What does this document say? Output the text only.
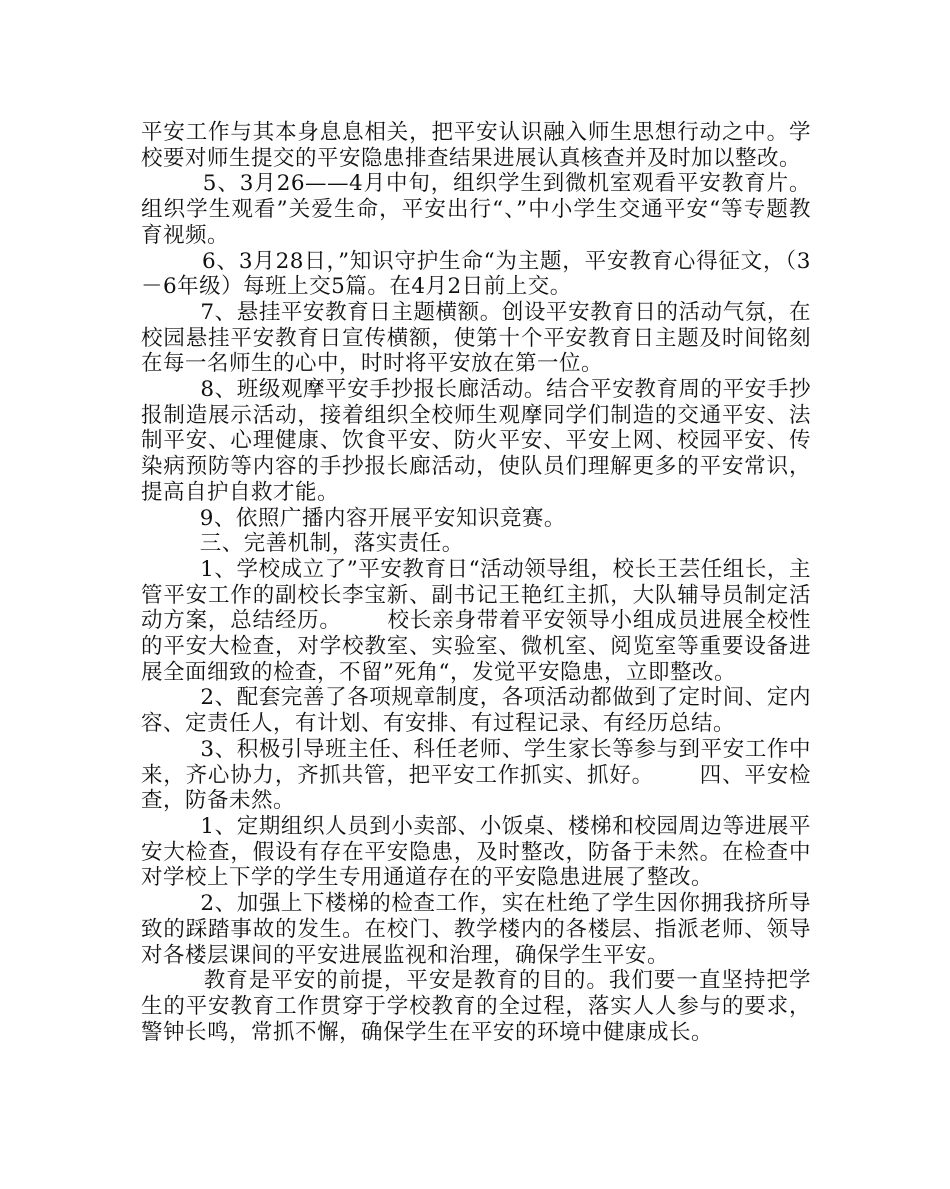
平安工作与其本身息息相关，把平安认识融入师生思想行动之中。学校要对师生提交的平安隐患排查结果进展认真核查并及时加以整改。

5、3月26——4月中旬，组织学生到微机室观看平安教育片。组织学生观看”关爱生命，平安出行“、”中小学生交通平安“等专题教育视频。

6、3月28日，”知识守护生命“为主题，平安教育心得征文，（3－6年级）每班上交5篇。在4月2日前上交。

7、悬挂平安教育日主题横额。创设平安教育日的活动气氛，在校园悬挂平安教育日宣传横额，使第十个平安教育日主题及时间铭刻在每一名师生的心中，时时将平安放在第一位。

8、班级观摩平安手抄报长廊活动。结合平安教育周的平安手抄报制造展示活动，接着组织全校师生观摩同学们制造的交通平安、法制平安、心理健康、饮食平安、防火平安、平安上网、校园平安、传染病预防等内容的手抄报长廊活动，使队员们理解更多的平安常识，提高自护自救才能。

9、依照广播内容开展平安知识竞赛。

三、完善机制，落实责任。

1、学校成立了”平安教育日“活动领导组，校长王芸任组长，主管平安工作的副校长李宝新、副书记王艳红主抓，大队辅导员制定活动方案，总结经历。      校长亲身带着平安领导小组成员进展全校性的平安大检查，对学校教室、实验室、微机室、阅览室等重要设备进展全面细致的检查，不留”死角“，发觉平安隐患，立即整改。

2、配套完善了各项规章制度，各项活动都做到了定时间、定内容、定责任人，有计划、有安排、有过程记录、有经历总结。

3、积极引导班主任、科任老师、学生家长等参与到平安工作中来，齐心协力，齐抓共管，把平安工作抓实、抓好。      四、平安检查，防备未然。

1、定期组织人员到小卖部、小饭桌、楼梯和校园周边等进展平安大检查，假设有存在平安隐患，及时整改，防备于未然。在检查中对学校上下学的学生专用通道存在的平安隐患进展了整改。

2、加强上下楼梯的检查工作，实在杜绝了学生因你拥我挤所导致的踩踏事故的发生。在校门、教学楼内的各楼层、指派老师、领导对各楼层课间的平安进展监视和治理，确保学生平安。

教育是平安的前提，平安是教育的目的。我们要一直坚持把学生的平安教育工作贯穿于学校教育的全过程，落实人人参与的要求，警钟长鸣，常抓不懈，确保学生在平安的环境中健康成长。
